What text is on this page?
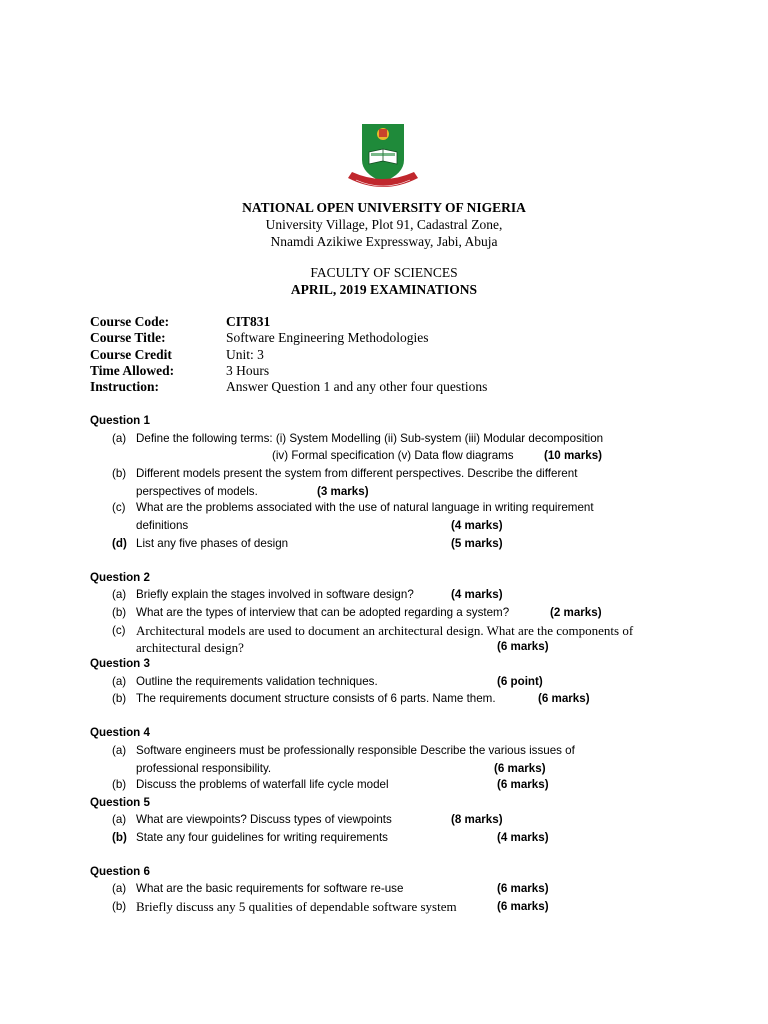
NATIONAL OPEN UNIVERSITY OF NIGERIA
University Village, Plot 91, Cadastral Zone,
Nnamdi Azikiwe Expressway, Jabi, Abuja
FACULTY OF SCIENCES
APRIL, 2019 EXAMINATIONS
Course Code:	CIT831
Course Title:	Software Engineering Methodologies
Course Credit	Unit: 3
Time Allowed:	3 Hours
Instruction:	Answer Question 1 and any other four questions
Question 1
(a) Define the following terms: (i) System Modelling (ii) Sub-system (iii) Modular decomposition
(iv) Formal specification (v) Data flow diagrams	(10 marks)
(b) Different models present the system from different perspectives. Describe the different
perspectives of models.	(3 marks)
(c) What are the problems associated with the use of natural language in writing requirement
definitions	(4 marks)
(d) List any five phases of design	(5 marks)
Question 2
(a) Briefly explain the stages involved in software design?	(4 marks)
(b) What are the types of interview that can be adopted regarding a system?	(2 marks)
(c) Architectural models are used to document an architectural design. What are the components of
architectural design?	(6 marks)
Question 3
(a) Outline the requirements validation techniques.	(6 point)
(b) The requirements document structure consists of 6 parts. Name them.	(6 marks)
Question 4
(a) Software engineers must be professionally responsible Describe the various issues of
professional responsibility.	(6 marks)
(b) Discuss the problems of waterfall life cycle model	(6 marks)
Question 5
(a) What are viewpoints? Discuss types of viewpoints	(8 marks)
(b) State any four guidelines for writing requirements	(4 marks)
Question 6
(a) What are the basic requirements for software re-use	(6 marks)
(b) Briefly discuss any 5 qualities of dependable software system	(6 marks)
